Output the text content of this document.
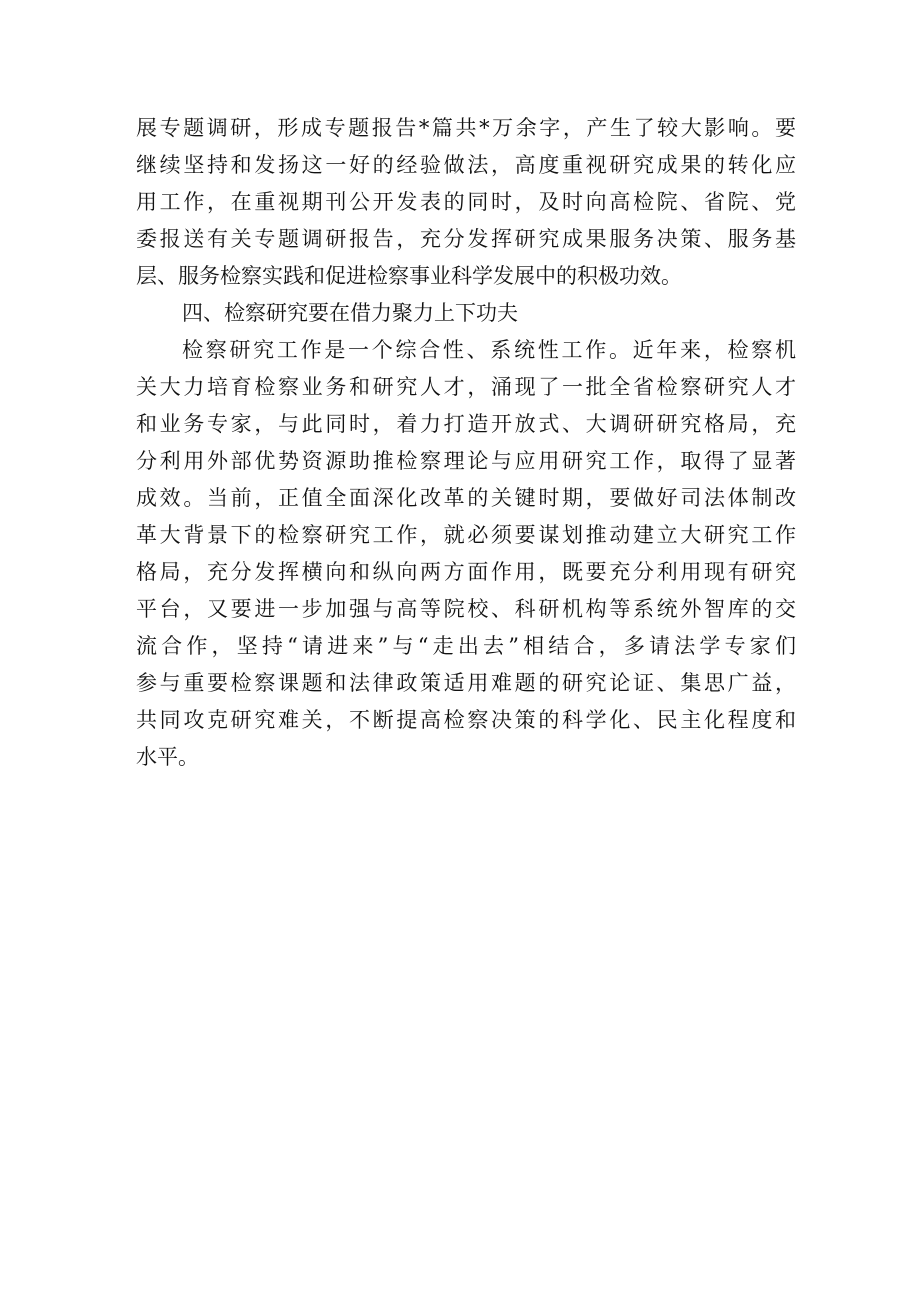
展专题调研，形成专题报告*篇共*万余字，产生了较大影响。要
继续坚持和发扬这一好的经验做法，高度重视研究成果的转化应
用工作，在重视期刊公开发表的同时，及时向高检院、省院、党
委报送有关专题调研报告，充分发挥研究成果服务决策、服务基
层、服务检察实践和促进检察事业科学发展中的积极功效。
四、检察研究要在借力聚力上下功夫
检察研究工作是一个综合性、系统性工作。近年来，检察机
关大力培育检察业务和研究人才，涌现了一批全省检察研究人才
和业务专家，与此同时，着力打造开放式、大调研研究格局，充
分利用外部优势资源助推检察理论与应用研究工作，取得了显著
成效。当前，正值全面深化改革的关键时期，要做好司法体制改
革大背景下的检察研究工作，就必须要谋划推动建立大研究工作
格局，充分发挥横向和纵向两方面作用，既要充分利用现有研究
平台，又要进一步加强与高等院校、科研机构等系统外智库的交
流合作，坚持“请进来”与“走出去”相结合，多请法学专家们
参与重要检察课题和法律政策适用难题的研究论证、集思广益，
共同攻克研究难关，不断提高检察决策的科学化、民主化程度和
水平。
